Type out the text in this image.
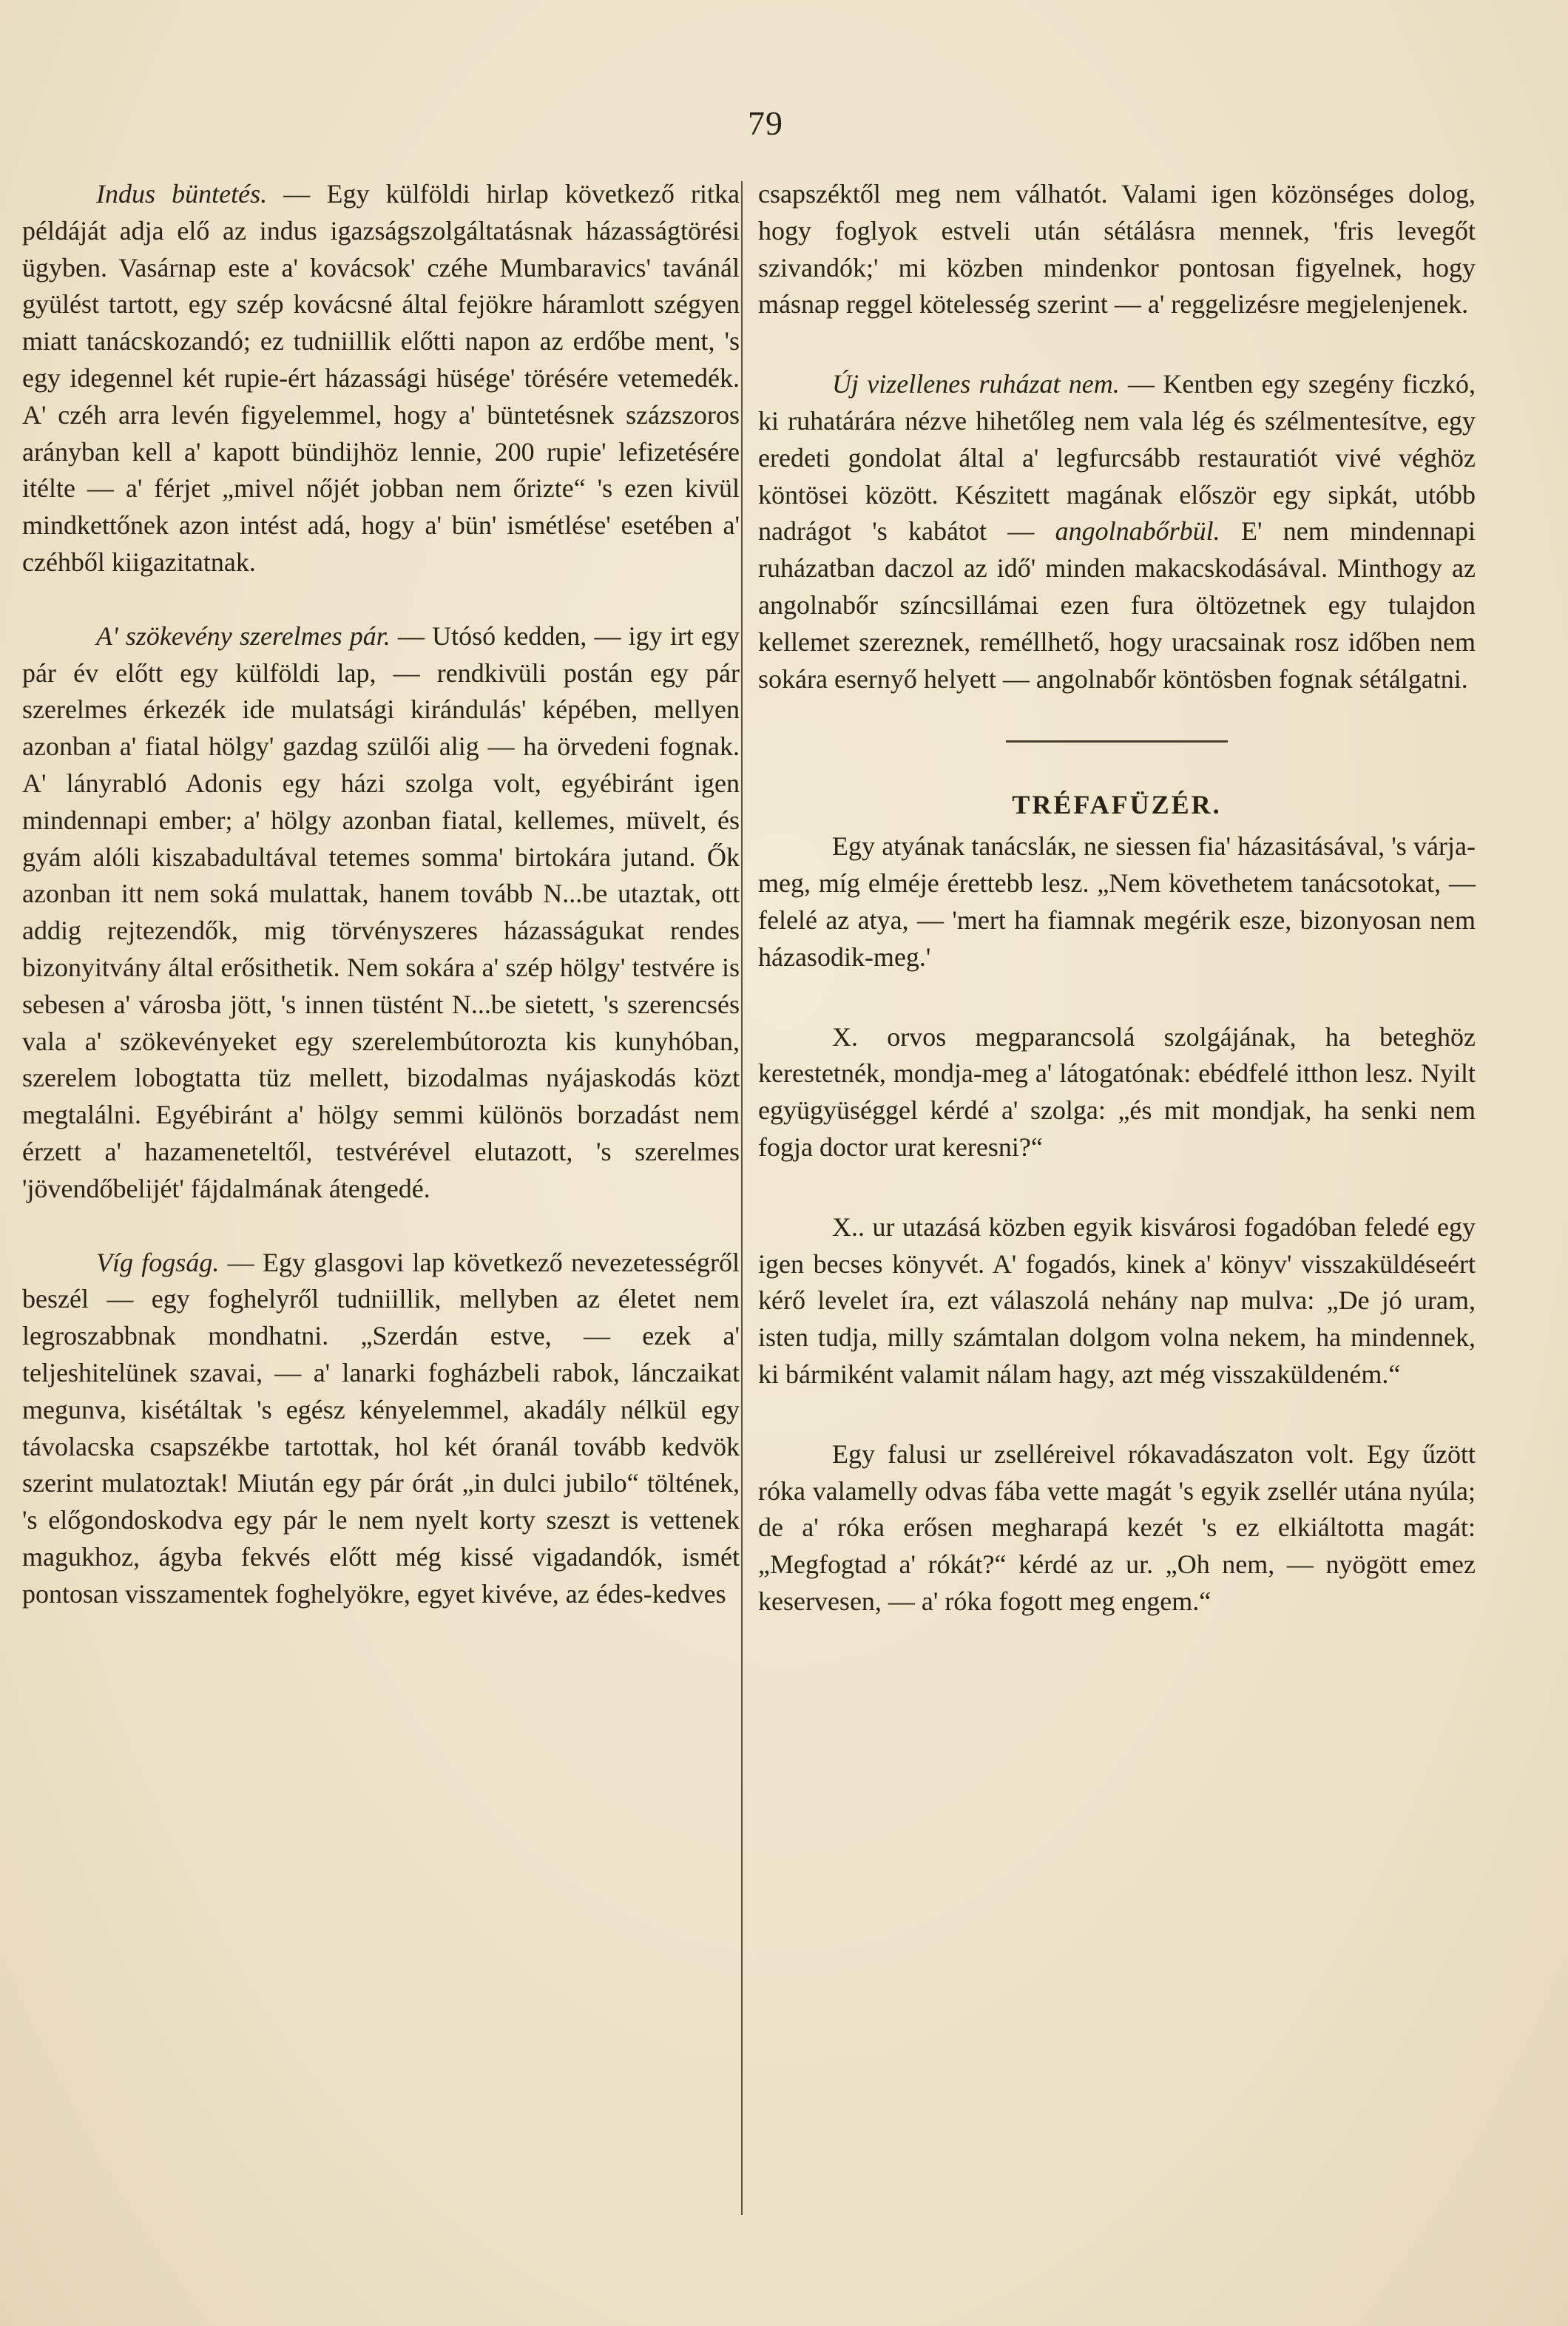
79

Indus büntetés. — Egy külföldi hirlap következő ritka példáját adja elő az indus igazságszolgáltatásnak házasságtörési ügyben. Vasárnap este a' kovácsok' czéhe Mumbaravics' tavánál gyülést tartott, egy szép kovácsné által fejökre háramlott szégyen miatt tanácskozandó; ez tudniillik előtti napon az erdőbe ment, 's egy idegennel két rupie-ért házassági hüsége' törésére vetemedék. A' czéh arra levén figyelemmel, hogy a' büntetésnek százszoros arányban kell a' kapott bündijhöz lennie, 200 rupie' lefizetésére itélte — a' férjet „mivel nőjét jobban nem őrizte“ 's ezen kivül mindkettőnek azon intést adá, hogy a' bün' ismétlése' esetében a' czéhből kiigazitatnak.

A' szökevény szerelmes pár. — Utósó kedden, — igy irt egy pár év előtt egy külföldi lap, — rendkivüli postán egy pár szerelmes érkezék ide mulatsági kirándulás' képében, mellyen azonban a' fiatal hölgy' gazdag szülői alig — ha örvedeni fognak. A' lányrabló Adonis egy házi szolga volt, egyébiránt igen mindennapi ember; a' hölgy azonban fiatal, kellemes, müvelt, és gyám alóli kiszabadultával tetemes somma' birtokára jutand. Ők azonban itt nem soká mulattak, hanem tovább N...be utaztak, ott addig rejtezendők, mig törvényszeres házasságukat rendes bizonyitvány által erősithetik. Nem sokára a' szép hölgy' testvére is sebesen a' városba jött, 's innen tüstént N...be sietett, 's szerencsés vala a' szökevényeket egy szerelembútorozta kis kunyhóban, szerelem lobogtatta tüz mellett, bizodalmas nyájaskodás közt megtalálni. Egyébiránt a' hölgy semmi különös borzadást nem érzett a' hazameneteltől, testvérével elutazott, 's szerelmes 'jövendőbelijét' fájdalmának átengedé.

Víg fogság. — Egy glasgovi lap következő nevezetességről beszél — egy foghelyről tudniillik, mellyben az életet nem legroszabbnak mondhatni. „Szerdán estve, — ezek a' teljeshitelünek szavai, — a' lanarki fogházbeli rabok, lánczaikat megunva, kisétáltak 's egész kényelemmel, akadály nélkül egy távolacska csapszékbe tartottak, hol két óranál tovább kedvök szerint mulatoztak! Miután egy pár órát „in dulci jubilo“ töltének, 's előgondoskodva egy pár le nem nyelt korty szeszt is vettenek magukhoz, ágyba fekvés előtt még kissé vigadandók, ismét pontosan visszamentek foghelyökre, egyet kivéve, az édes-kedves

csapszéktől meg nem válhatót. Valami igen közönséges dolog, hogy foglyok estveli után sétálásra mennek, 'fris levegőt szivandók;' mi közben mindenkor pontosan figyelnek, hogy másnap reggel kötelesség szerint — a' reggelizésre megjelenjenek.

Új vizellenes ruházat nem. — Kentben egy szegény ficzkó, ki ruhatárára nézve hihetőleg nem vala lég és szélmentesítve, egy eredeti gondolat által a' legfurcsább restauratiót vivé véghöz köntösei között. Készitett magának először egy sipkát, utóbb nadrágot 's kabátot — angolnabőrbül. E' nem mindennapi ruházatban daczol az idő' minden makacskodásával. Minthogy az angolnabőr színcsillámai ezen fura öltözetnek egy tulajdon kellemet szereznek, reméllhető, hogy uracsainak rosz időben nem sokára esernyő helyett — angolnabőr köntösben fognak sétálgatni.

TRÉFAFÜZÉR.

Egy atyának tanácsláк, ne siessen fia' házasitásával, 's várja-meg, míg elméje érettebb lesz. „Nem követhetem tanácsotokat, — felelé az atya, — 'mert ha fiamnak megérik esze, bizonyosan nem házasodik-meg.'

X. orvos megparancsolá szolgájának, ha beteghöz kerestetnék, mondja-meg a' látogatónak: ebédfelé itthon lesz. Nyilt együgyüséggel kérdé a' szolga: „és mit mondjak, ha senki nem fogja doctor urat keresni?“

X.. ur utazásá közben egyik kisvárosi fogadóban feledé egy igen becses könyvét. A' fogadós, kinek a' könyv' visszaküldéseért kérő levelet íra, ezt válaszolá nehány nap mulva: „De jó uram, isten tudja, milly számtalan dolgom volna nekem, ha mindennek, ki bármiként valamit nálam hagy, azt még visszaküldeném.“

Egy falusi ur zselléreivel rókavadászaton volt. Egy űzött róka valamelly odvas fába vette magát 's egyik zsellér utána nyúla; de a' róka erősen megharapá kezét 's ez elkiáltotta magát: „Megfogtad a' rókát?“ kérdé az ur. „Oh nem, — nyögött emez keservesen, — a' róka fogott meg engem.“
